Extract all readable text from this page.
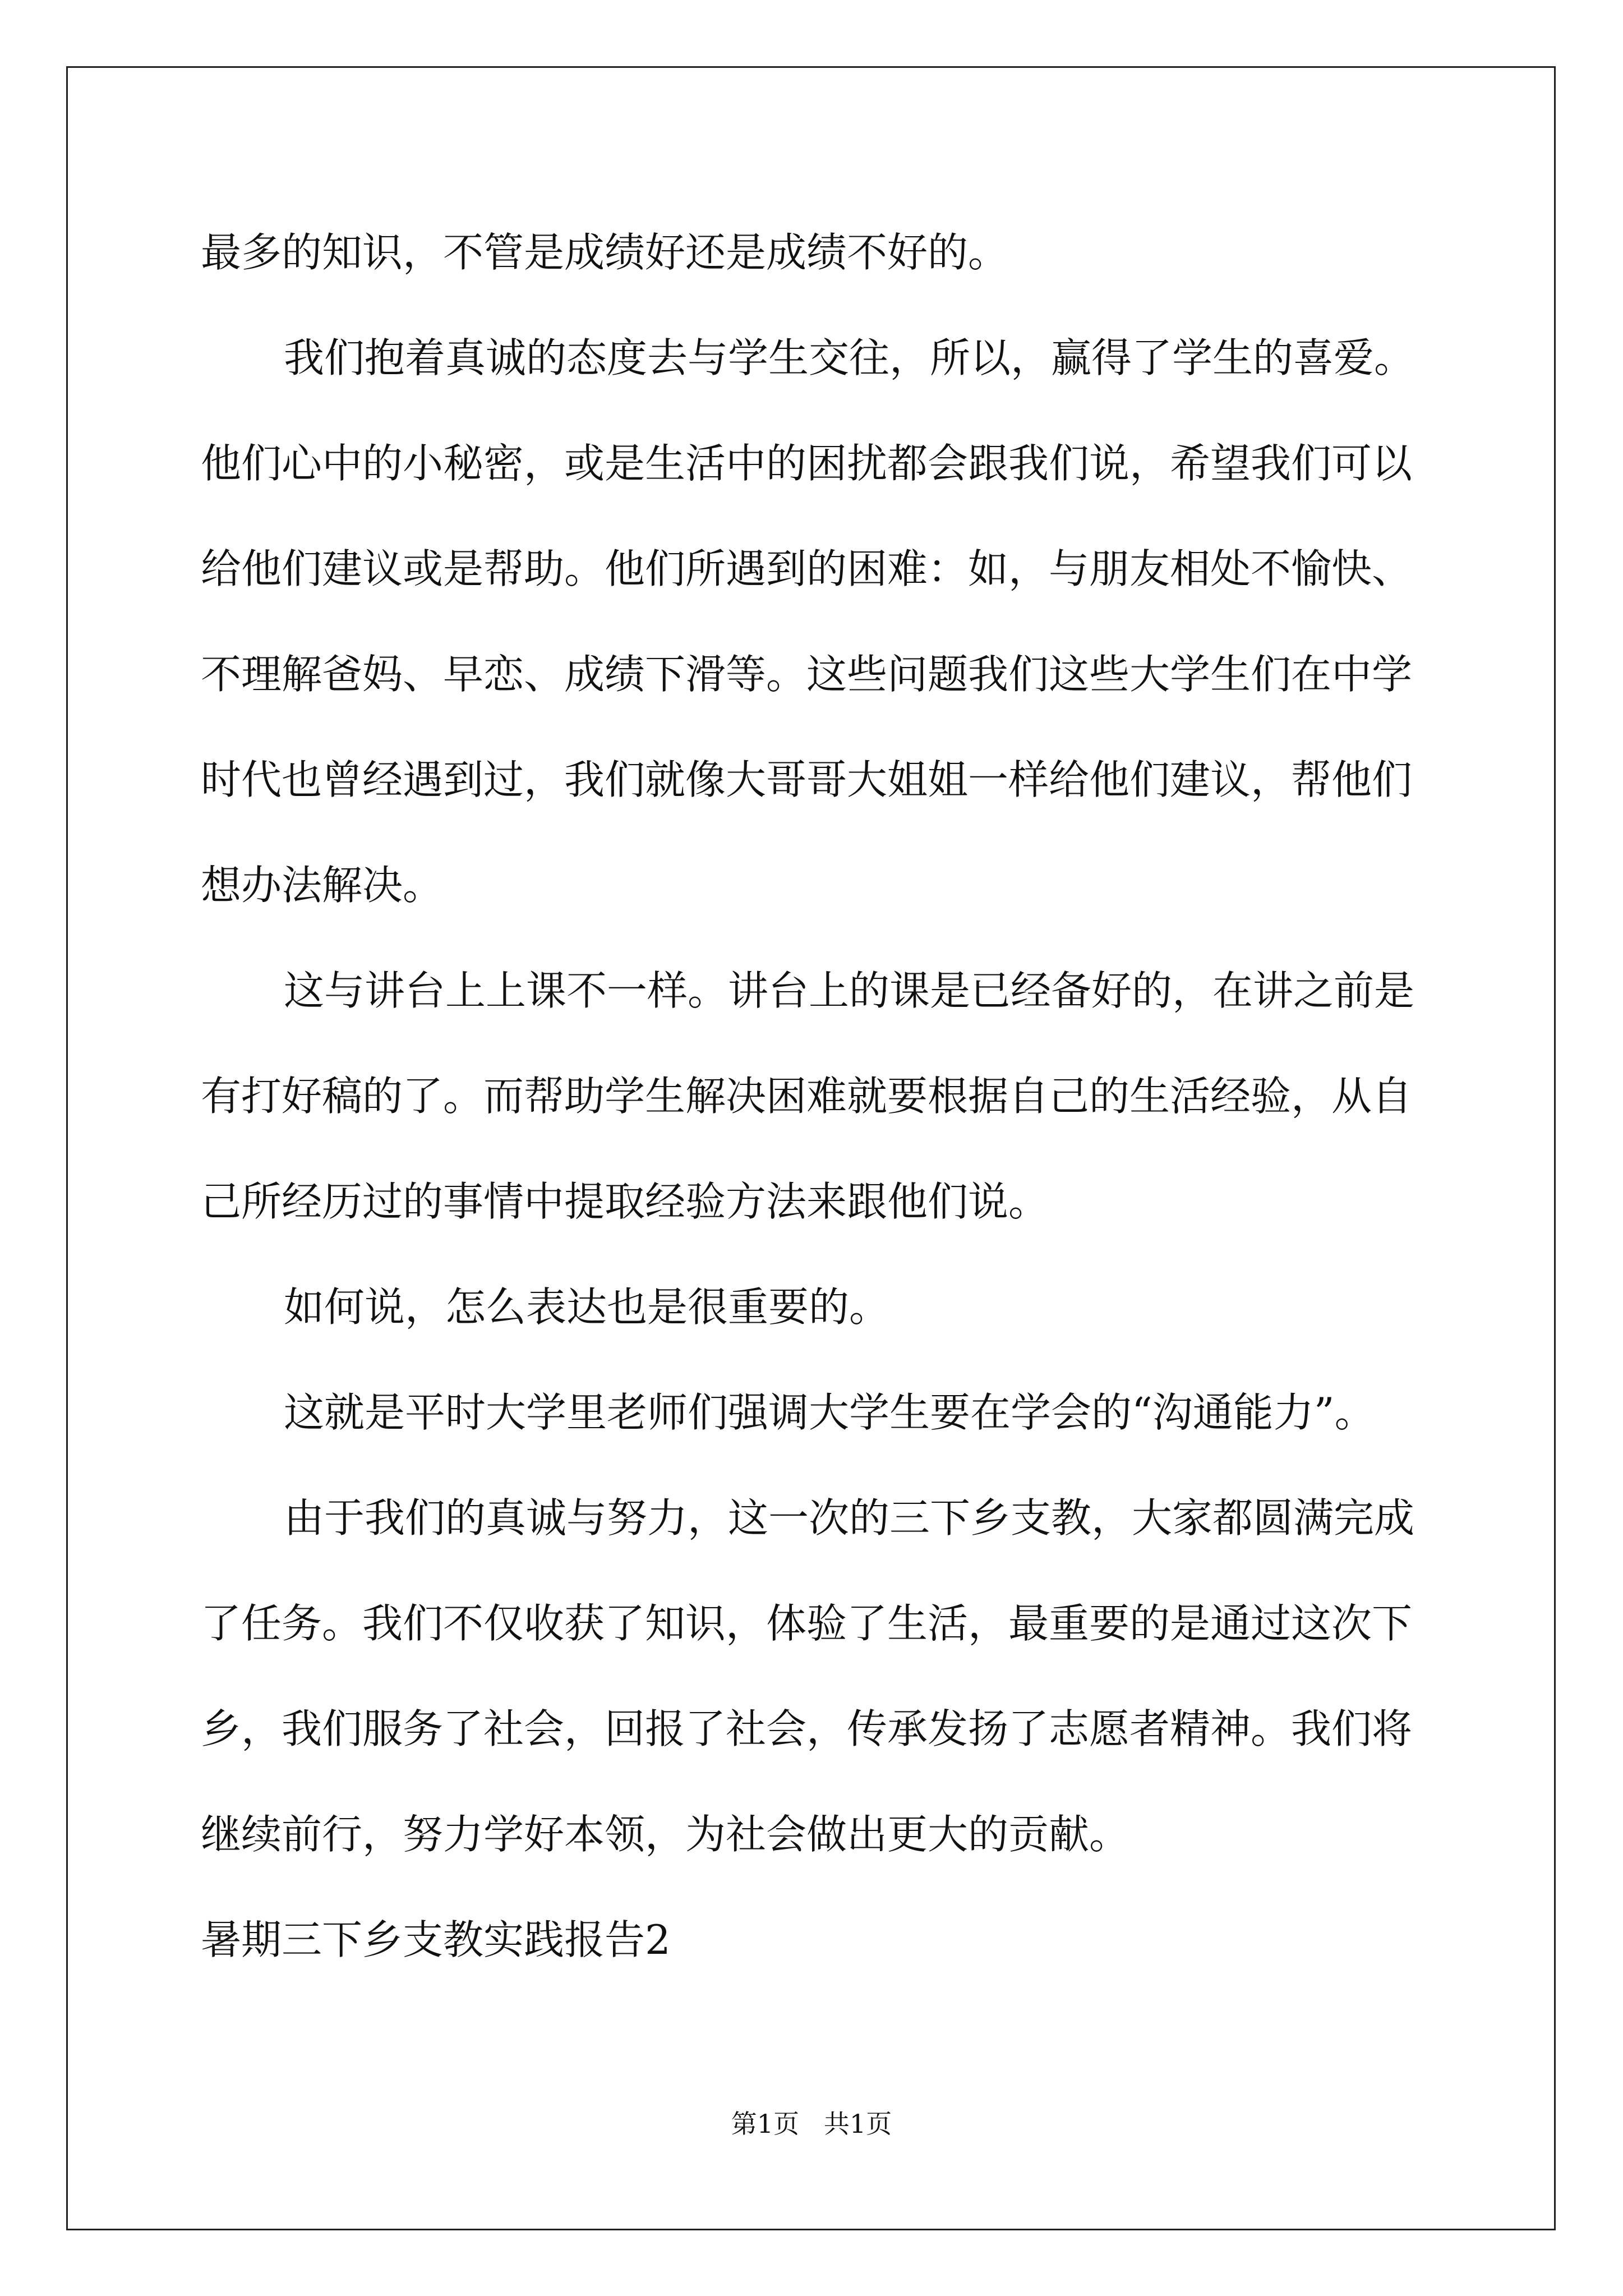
最多的知识，不管是成绩好还是成绩不好的。
我们抱着真诚的态度去与学生交往，所以，赢得了学生的喜爱。
他们心中的小秘密，或是生活中的困扰都会跟我们说，希望我们可以
给他们建议或是帮助。他们所遇到的困难：如，与朋友相处不愉快、
不理解爸妈、早恋、成绩下滑等。这些问题我们这些大学生们在中学
时代也曾经遇到过，我们就像大哥哥大姐姐一样给他们建议，帮他们
想办法解决。
这与讲台上上课不一样。讲台上的课是已经备好的，在讲之前是
有打好稿的了。而帮助学生解决困难就要根据自己的生活经验，从自
己所经历过的事情中提取经验方法来跟他们说。
如何说，怎么表达也是很重要的。
这就是平时大学里老师们强调大学生要在学会的“沟通能力”。
由于我们的真诚与努力，这一次的三下乡支教，大家都圆满完成
了任务。我们不仅收获了知识，体验了生活，最重要的是通过这次下
乡，我们服务了社会，回报了社会，传承发扬了志愿者精神。我们将
继续前行，努力学好本领，为社会做出更大的贡献。
暑期三下乡支教实践报告2
第1页   共1页
